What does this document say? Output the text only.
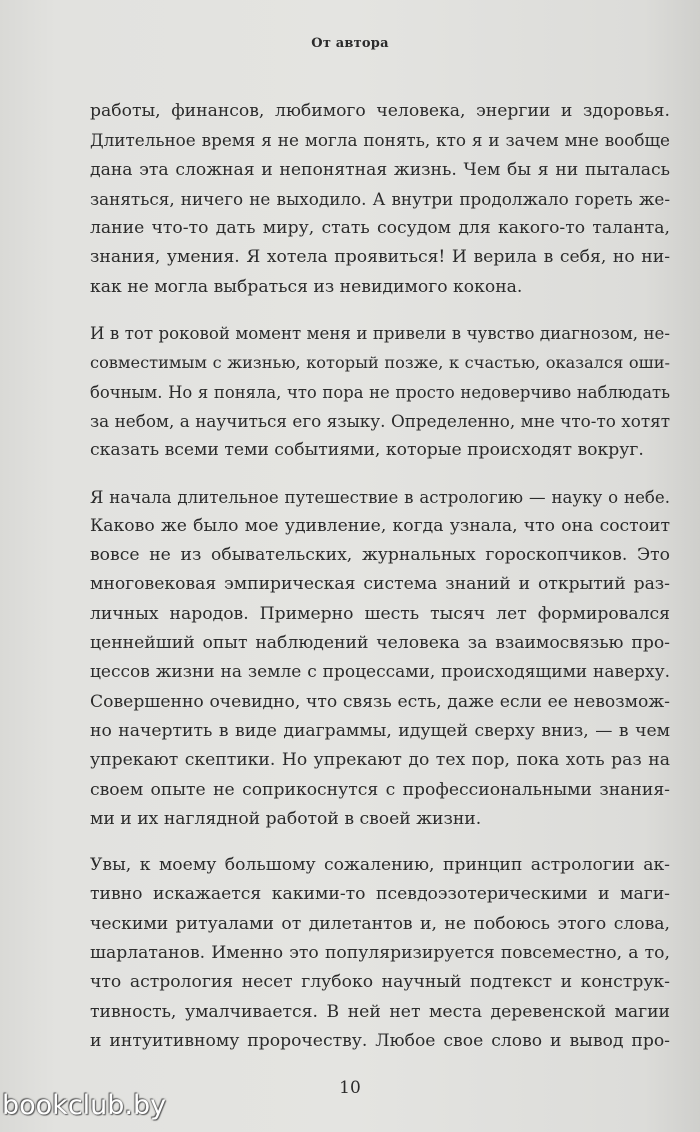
От автора

работы, финансов, любимого человека, энергии и здоровья.
Длительное время я не могла понять, кто я и зачем мне вообще
дана эта сложная и непонятная жизнь. Чем бы я ни пыталась
заняться, ничего не выходило. А внутри продолжало гореть же-
лание что-то дать миру, стать сосудом для какого-то таланта,
знания, умения. Я хотела проявиться! И верила в себя, но ни-
как не могла выбраться из невидимого кокона.

И в тот роковой момент меня и привели в чувство диагнозом, не-
совместимым с жизнью, который позже, к счастью, оказался оши-
бочным. Но я поняла, что пора не просто недоверчиво наблюдать
за небом, а научиться его языку. Определенно, мне что-то хотят
сказать всеми теми событиями, которые происходят вокруг.

Я начала длительное путешествие в астрологию — науку о небе.
Каково же было мое удивление, когда узнала, что она состоит
вовсе не из обывательских, журнальных гороскопчиков. Это
многовековая эмпирическая система знаний и открытий раз-
личных народов. Примерно шесть тысяч лет формировался
ценнейший опыт наблюдений человека за взаимосвязью про-
цессов жизни на земле с процессами, происходящими наверху.
Совершенно очевидно, что связь есть, даже если ее невозмож-
но начертить в виде диаграммы, идущей сверху вниз, — в чем
упрекают скептики. Но упрекают до тех пор, пока хоть раз на
своем опыте не соприкоснутся с профессиональными знания-
ми и их наглядной работой в своей жизни.

Увы, к моему большому сожалению, принцип астрологии ак-
тивно искажается какими-то псевдоэзотерическими и маги-
ческими ритуалами от дилетантов и, не побоюсь этого слова,
шарлатанов. Именно это популяризируется повсеместно, а то,
что астрология несет глубоко научный подтекст и конструк-
тивность, умалчивается. В ней нет места деревенской магии
и интуитивному пророчеству. Любое свое слово и вывод про-

10
bookclub.by
